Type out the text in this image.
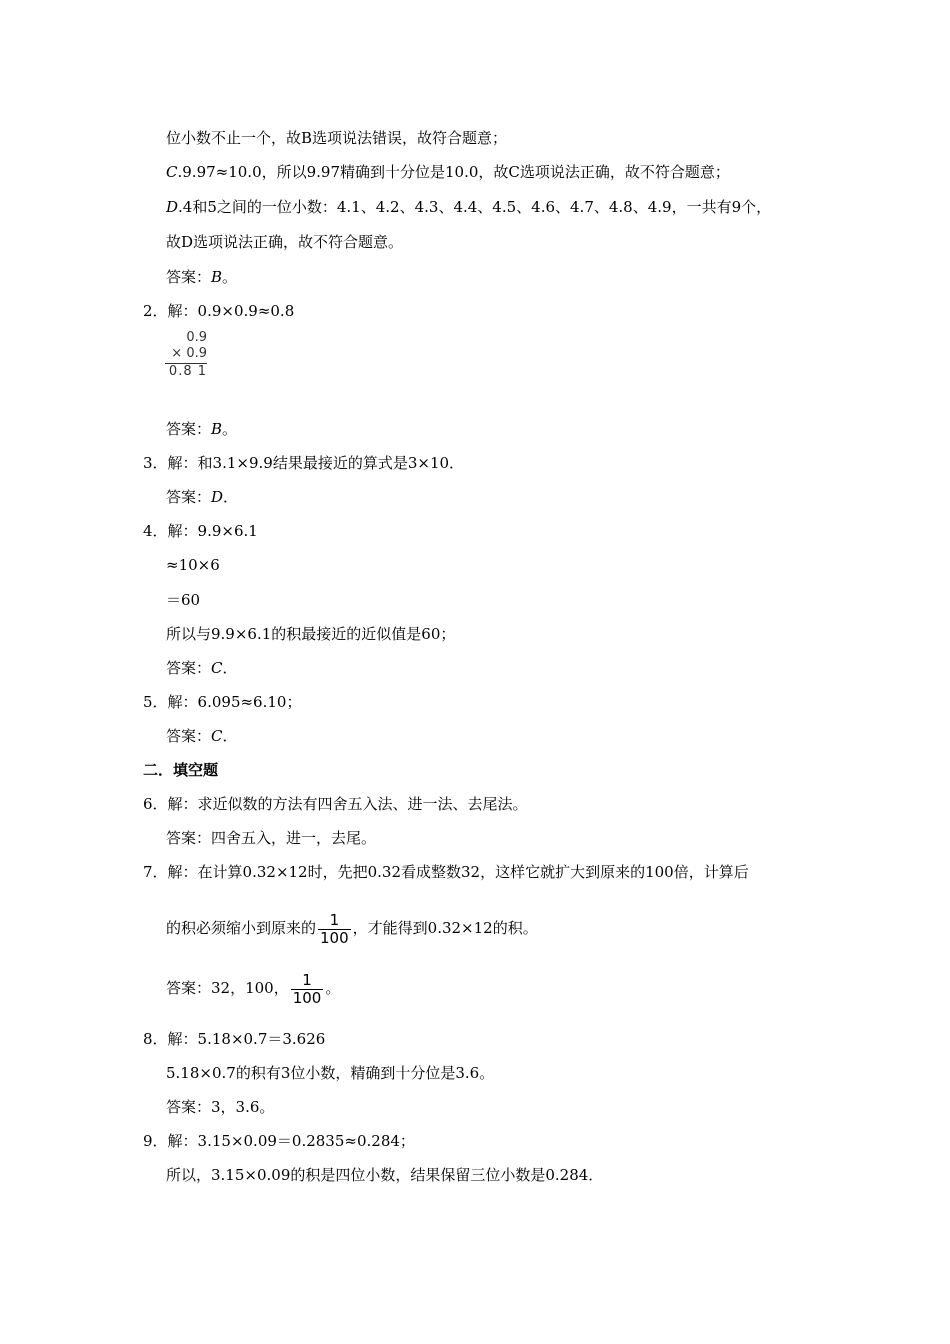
位小数不止一个，故B选项说法错误，故符合题意；
C.9.97≈10.0，所以9.97精确到十分位是10.0，故C选项说法正确，故不符合题意；
D.4和5之间的一位小数：4.1、4.2、4.3、4.4、4.5、4.6、4.7、4.8、4.9，一共有9个，
故D选项说法正确，故不符合题意。
答案：B。
2．解：0.9×0.9≈0.8
0.9
× 0.9
0.8 1
答案：B。
3．解：和3.1×9.9结果最接近的算式是3×10．
答案：D．
4．解：9.9×6.1
≈10×6
＝60
所以与9.9×6.1的积最接近的近似值是60；
答案：C．
5．解：6.095≈6.10；
答案：C．
二．填空题
6．解：求近似数的方法有四舍五入法、进一法、去尾法。
答案：四舍五入，进一，去尾。
7．解：在计算0.32×12时，先把0.32看成整数32，这样它就扩大到原来的100倍，计算后
的积必须缩小到原来的 $\frac{1}{100}$ ，才能得到0.32×12的积。
答案：32，100， $\frac{1}{100}$ 。
8．解：5.18×0.7＝3.626
5.18×0.7的积有3位小数，精确到十分位是3.6。
答案：3，3.6。
9．解：3.15×0.09＝0.2835≈0.284；
所以，3.15×0.09的积是四位小数，结果保留三位小数是0.284．
